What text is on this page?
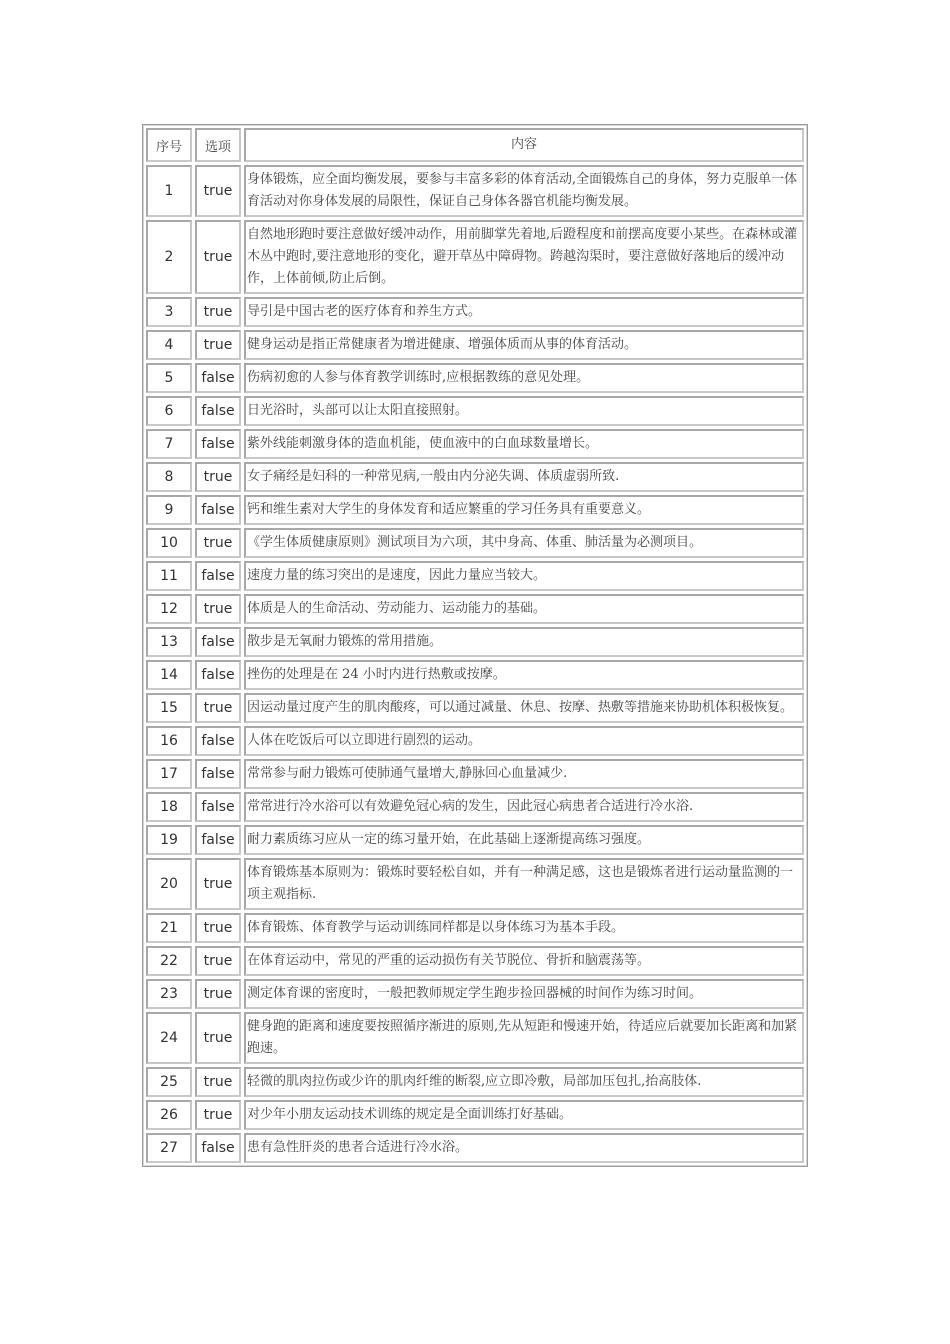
序号	选项	内容
1	true	身体锻炼，应全面均衡发展，要参与丰富多彩的体育活动,全面锻炼自己的身体，努力克服单一体育活动对你身体发展的局限性，保证自己身体各器官机能均衡发展。
2	true	自然地形跑时要注意做好缓冲动作，用前脚掌先着地,后蹬程度和前摆高度要小某些。在森林或灌木丛中跑时,要注意地形的变化，避开草丛中障碍物。跨越沟渠时，要注意做好落地后的缓冲动作，上体前倾,防止后倒。
3	true	导引是中国古老的医疗体育和养生方式。
4	true	健身运动是指正常健康者为增进健康、增强体质而从事的体育活动。
5	false	伤病初愈的人参与体育教学训练时,应根据教练的意见处理。
6	false	日光浴时，头部可以让太阳直接照射。
7	false	紫外线能刺激身体的造血机能，使血液中的白血球数量增长。
8	true	女子痛经是妇科的一种常见病,一般由内分泌失调、体质虚弱所致.
9	false	钙和维生素对大学生的身体发育和适应繁重的学习任务具有重要意义。
10	true	《学生体质健康原则》测试项目为六项，其中身高、体重、肺活量为必测项目。
11	false	速度力量的练习突出的是速度，因此力量应当较大。
12	true	体质是人的生命活动、劳动能力、运动能力的基础。
13	false	散步是无氧耐力锻炼的常用措施。
14	false	挫伤的处理是在 24 小时内进行热敷或按摩。
15	true	因运动量过度产生的肌肉酸疼，可以通过减量、休息、按摩、热敷等措施来协助机体积极恢复。
16	false	人体在吃饭后可以立即进行剧烈的运动。
17	false	常常参与耐力锻炼可使肺通气量增大,静脉回心血量减少.
18	false	常常进行冷水浴可以有效避免冠心病的发生，因此冠心病患者合适进行冷水浴.
19	false	耐力素质练习应从一定的练习量开始，在此基础上逐渐提高练习强度。
20	true	体育锻炼基本原则为：锻炼时要轻松自如，并有一种满足感，这也是锻炼者进行运动量监测的一项主观指标.
21	true	体育锻炼、体育教学与运动训练同样都是以身体练习为基本手段。
22	true	在体育运动中，常见的严重的运动损伤有关节脱位、骨折和脑震荡等。
23	true	测定体育课的密度时，一般把教师规定学生跑步捡回器械的时间作为练习时间。
24	true	健身跑的距离和速度要按照循序渐进的原则,先从短距和慢速开始，待适应后就要加长距离和加紧跑速。
25	true	轻微的肌肉拉伤或少许的肌肉纤维的断裂,应立即冷敷，局部加压包扎,抬高肢体.
26	true	对少年小朋友运动技术训练的规定是全面训练打好基础。
27	false	患有急性肝炎的患者合适进行冷水浴。
